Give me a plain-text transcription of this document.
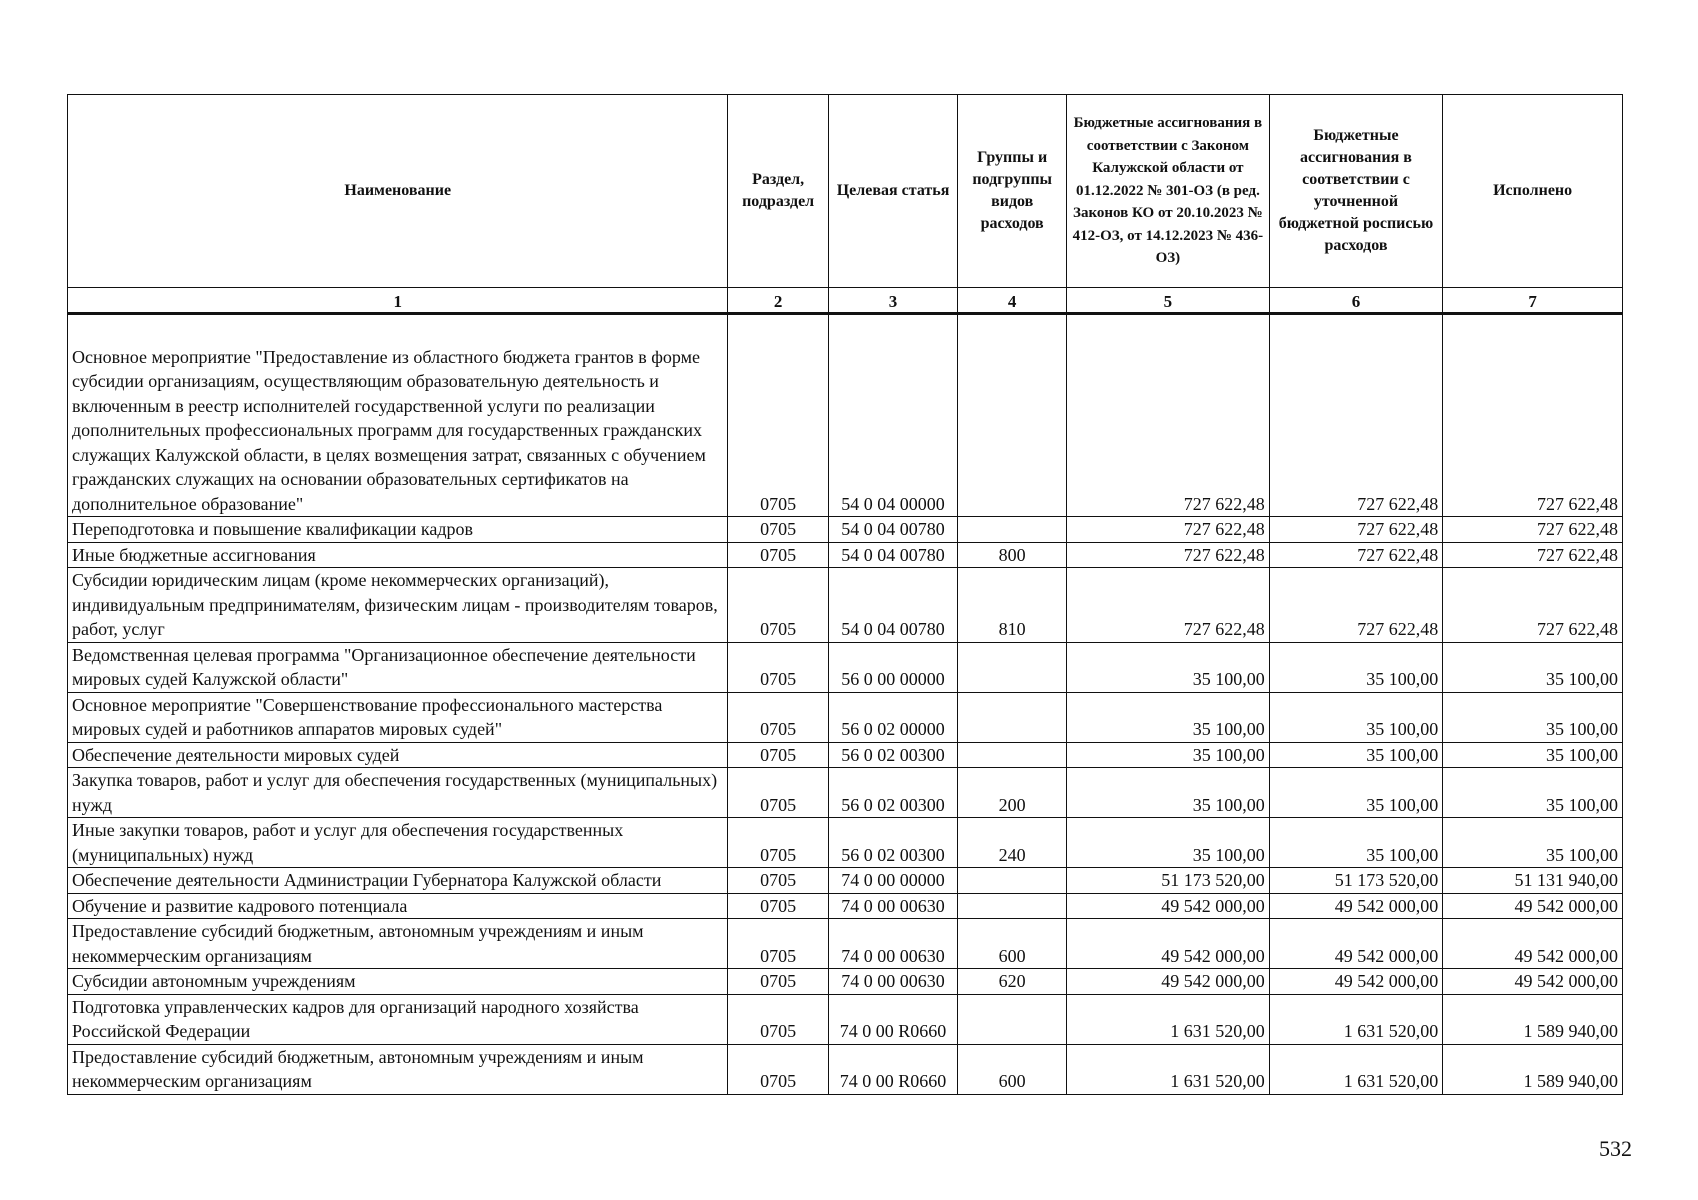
Наименование	Раздел, подраздел	Целевая статья	Группы и подгруппы видов расходов	Бюджетные ассигнования в соответствии с Законом Калужской области от 01.12.2022 № 301-ОЗ (в ред. Законов КО от 20.10.2023 № 412-ОЗ, от 14.12.2023 № 436-ОЗ)	Бюджетные ассигнования в соответствии с уточненной бюджетной росписью расходов	Исполнено
1	2	3	4	5	6	7
Основное мероприятие "Предоставление из областного бюджета грантов в форме субсидии организациям, осуществляющим образовательную деятельность и включенным в реестр исполнителей государственной услуги по реализации дополнительных профессиональных программ для государственных гражданских служащих Калужской области, в целях возмещения затрат, связанных с обучением гражданских служащих на основании образовательных сертификатов на дополнительное образование"	0705	54 0 04 00000		727 622,48	727 622,48	727 622,48
Переподготовка и повышение квалификации кадров	0705	54 0 04 00780		727 622,48	727 622,48	727 622,48
Иные бюджетные ассигнования	0705	54 0 04 00780	800	727 622,48	727 622,48	727 622,48
Субсидии юридическим лицам (кроме некоммерческих организаций), индивидуальным предпринимателям, физическим лицам - производителям товаров, работ, услуг	0705	54 0 04 00780	810	727 622,48	727 622,48	727 622,48
Ведомственная целевая программа "Организационное обеспечение деятельности мировых судей Калужской области"	0705	56 0 00 00000		35 100,00	35 100,00	35 100,00
Основное мероприятие "Совершенствование профессионального мастерства мировых судей и работников аппаратов мировых судей"	0705	56 0 02 00000		35 100,00	35 100,00	35 100,00
Обеспечение деятельности мировых судей	0705	56 0 02 00300		35 100,00	35 100,00	35 100,00
Закупка товаров, работ и услуг для обеспечения государственных (муниципальных) нужд	0705	56 0 02 00300	200	35 100,00	35 100,00	35 100,00
Иные закупки товаров, работ и услуг для обеспечения государственных (муниципальных) нужд	0705	56 0 02 00300	240	35 100,00	35 100,00	35 100,00
Обеспечение деятельности Администрации Губернатора Калужской области	0705	74 0 00 00000		51 173 520,00	51 173 520,00	51 131 940,00
Обучение и развитие кадрового потенциала	0705	74 0 00 00630		49 542 000,00	49 542 000,00	49 542 000,00
Предоставление субсидий бюджетным, автономным учреждениям и иным некоммерческим организациям	0705	74 0 00 00630	600	49 542 000,00	49 542 000,00	49 542 000,00
Субсидии автономным учреждениям	0705	74 0 00 00630	620	49 542 000,00	49 542 000,00	49 542 000,00
Подготовка управленческих кадров для организаций народного хозяйства Российской Федерации	0705	74 0 00 R0660		1 631 520,00	1 631 520,00	1 589 940,00
Предоставление субсидий бюджетным, автономным учреждениям и иным некоммерческим организациям	0705	74 0 00 R0660	600	1 631 520,00	1 631 520,00	1 589 940,00
532
